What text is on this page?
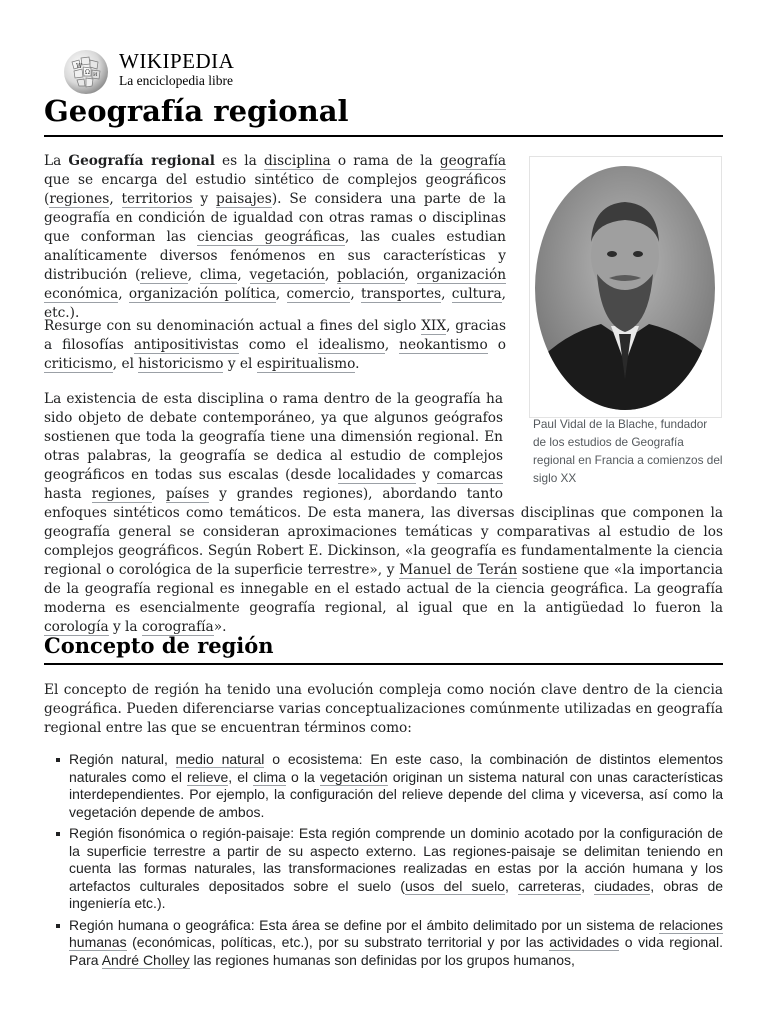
W
Ω И
WIKIPEDIA
La enciclopedia libre
Geografía regional

La Geografía regional es la disciplina o rama de la geografía que se encarga del estudio sintético de complejos geográficos (regiones, territorios y paisajes). Se considera una parte de la geografía en condición de igualdad con otras ramas o disciplinas que conforman las ciencias geográficas, las cuales estudian analíticamente diversos fenómenos en sus características y distribución (relieve, clima, vegetación, población, organización económica, organización política, comercio, transportes, cultura, etc.).

Resurge con su denominación actual a fines del siglo XIX, gracias a filosofías antipositivistas como el idealismo, neokantismo o criticismo, el historicismo y el espiritualismo.

La existencia de esta disciplina o rama dentro de la geografía ha sido objeto de debate contemporáneo, ya que algunos geógrafos sostienen que toda la geografía tiene una dimensión regional. En otras palabras, la geografía se dedica al estudio de complejos geográficos en todas sus escalas (desde localidades y comarcas hasta regiones, países y grandes regiones), abordando tanto enfoques sintéticos como temáticos. De esta manera, las diversas disciplinas que componen la geografía general se consideran aproximaciones temáticas y comparativas al estudio de los complejos geográficos. Según Robert E. Dickinson, «la geografía es fundamentalmente la ciencia regional o corológica de la superficie terrestre», y Manuel de Terán sostiene que «la importancia de la geografía regional es innegable en el estado actual de la ciencia geográfica. La geografía moderna es esencialmente geografía regional, al igual que en la antigüedad lo fueron la corología y la corografía».

Paul Vidal de la Blache, fundador de los estudios de Geografía regional en Francia a comienzos del siglo XX

Concepto de región

El concepto de región ha tenido una evolución compleja como noción clave dentro de la ciencia geográfica. Pueden diferenciarse varias conceptualizaciones comúnmente utilizadas en geografía regional entre las que se encuentran términos como:

Región natural, medio natural o ecosistema: En este caso, la combinación de distintos elementos naturales como el relieve, el clima o la vegetación originan un sistema natural con unas características interdependientes. Por ejemplo, la configuración del relieve depende del clima y viceversa, así como la vegetación depende de ambos.
Región fisonómica o región-paisaje: Esta región comprende un dominio acotado por la configuración de la superficie terrestre a partir de su aspecto externo. Las regiones-paisaje se delimitan teniendo en cuenta las formas naturales, las transformaciones realizadas en estas por la acción humana y los artefactos culturales depositados sobre el suelo (usos del suelo, carreteras, ciudades, obras de ingeniería etc.).
Región humana o geográfica: Esta área se define por el ámbito delimitado por un sistema de relaciones humanas (económicas, políticas, etc.), por su substrato territorial y por las actividades o vida regional. Para André Cholley las regiones humanas son definidas por los grupos humanos,
